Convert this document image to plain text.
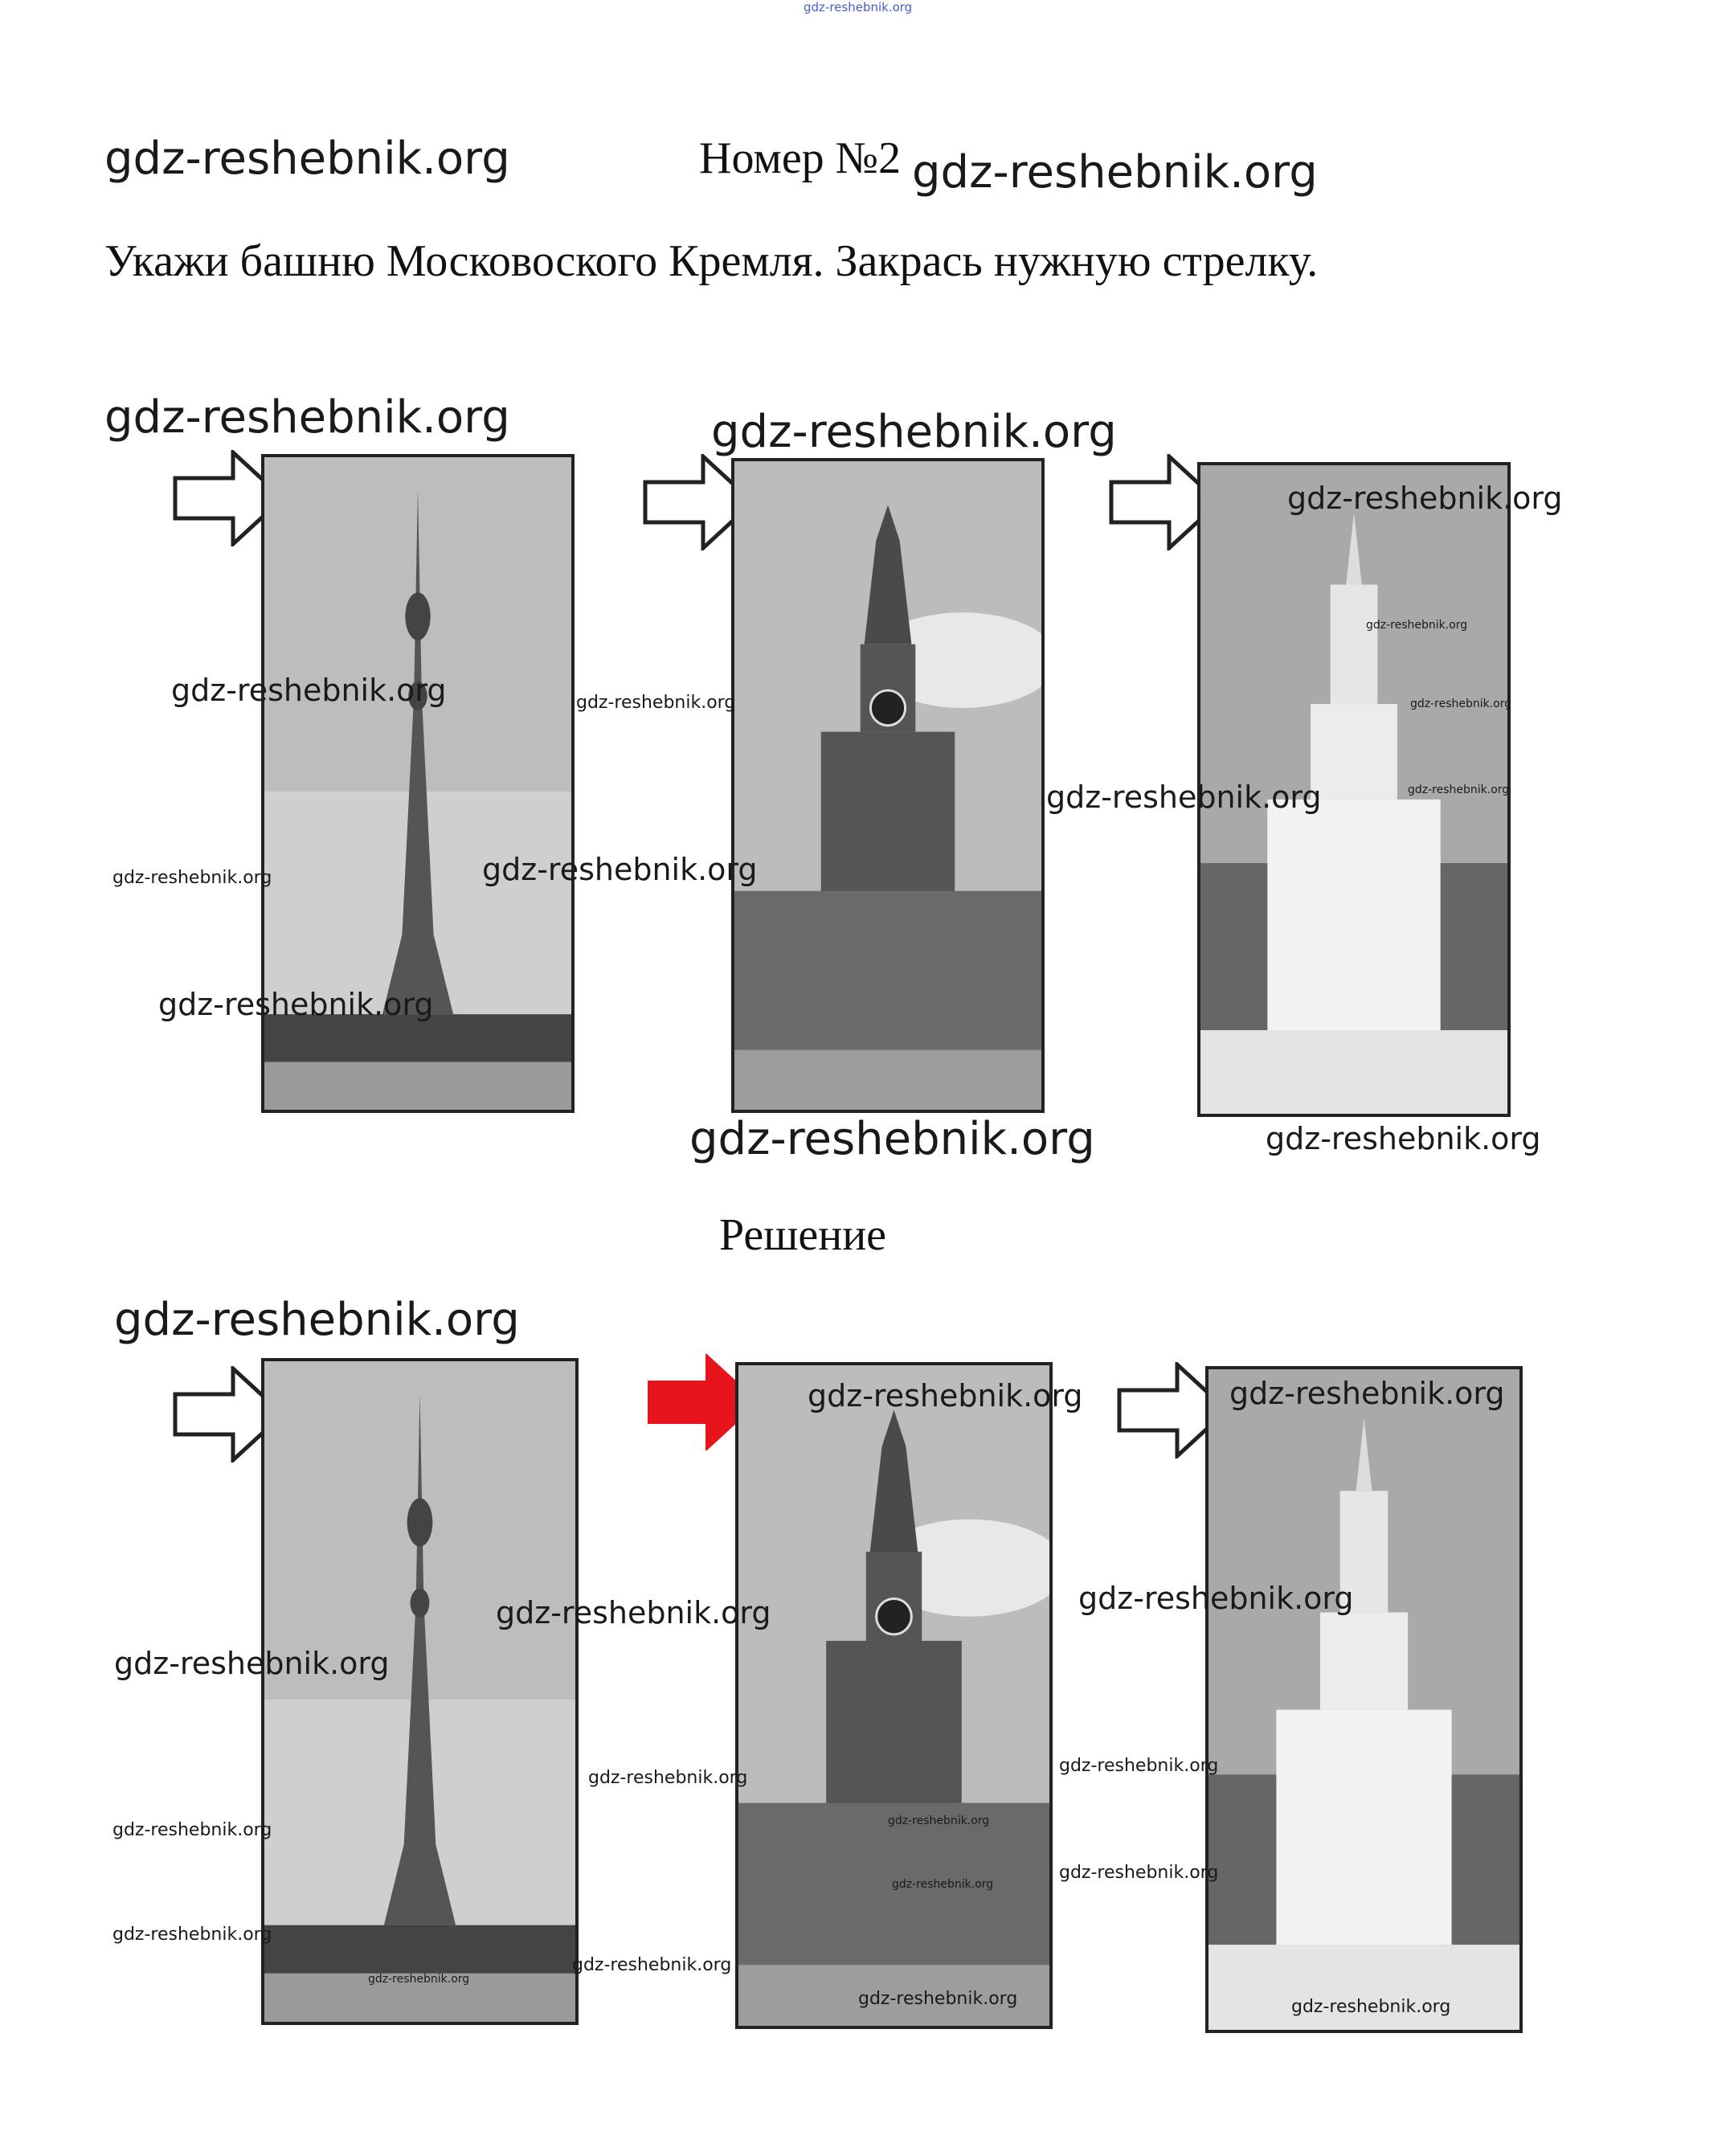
gdz-reshebnik.org
gdz-reshebnik.org	Номер №2 gdz-reshebnik.org
Укажи башню Московоского Кремля. Закрась нужную стрелку.
gdz-reshebnik.org	gdz-reshebnik.org
gdz-reshebnik.org
gdz-reshebnik.org
gdz-reshebnik.org
gdz-reshebnik.org
gdz-reshebnik.org	gdz-reshebnik.org
gdz-reshebnik.org
gdz-reshebnik.org	gdz-reshebnik.org
gdz-reshebnik.org
gdz-reshebnik.org	gdz-reshebnik.org
Решение
gdz-reshebnik.org
gdz-reshebnik.org	gdz-reshebnik.org
gdz-reshebnik.org
gdz-reshebnik.org
gdz-reshebnik.org
gdz-reshebnik.org
gdz-reshebnik.org
gdz-reshebnik.org
gdz-reshebnik.org
gdz-reshebnik.org
gdz-reshebnik.org
gdz-reshebnik.org
gdz-reshebnik.org
gdz-reshebnik.org
gdz-reshebnik.org
gdz-reshebnik.org
